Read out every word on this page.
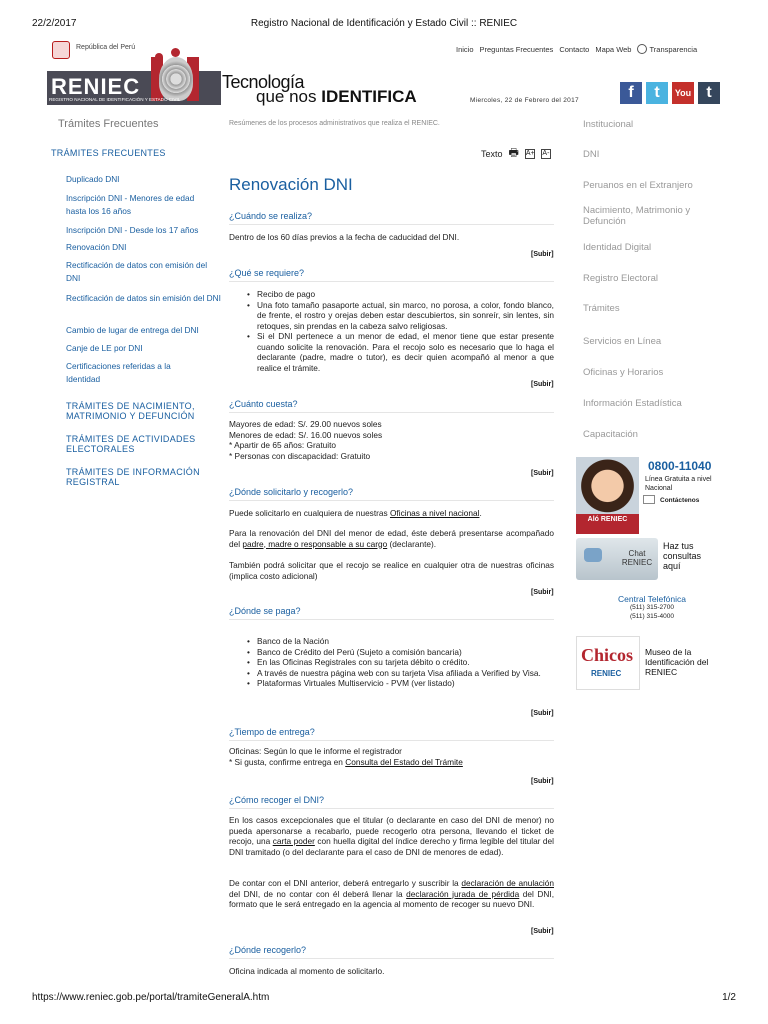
22/2/2017	Registro Nacional de Identificación y Estado Civil :: RENIEC
https://www.reniec.gob.pe/portal/tramiteGeneralA.htm	1/2
República del Perú
RENIEC
REGISTRO NACIONAL DE IDENTIFICACIÓN Y ESTADO CIVIL
Tecnología
que nos IDENTIFICA
Inicio Preguntas Frecuentes Contacto Mapa Web Transparencia
Miercoles, 22 de Febrero del 2017	f	t	You Tube
t
Trámites Frecuentes
TRÁMITES FRECUENTES
Duplicado DNI
Inscripción DNI - Menores de edad hasta los 16 años
Inscripción DNI - Desde los 17 años
Renovación DNI
Rectificación de datos con emisión del DNI
Rectificación de datos sin emisión del DNI
Cambio de lugar de entrega del DNI
Canje de LE por DNI
Certificaciones referidas a la Identidad
TRÁMITES DE NACIMIENTO, MATRIMONIO Y DEFUNCIÓN
TRÁMITES DE ACTIVIDADES ELECTORALES
TRÁMITES DE INFORMACIÓN REGISTRAL
Resúmenes de los procesos administrativos que realiza el RENIEC.
Texto 🖶 A+ A-
Renovación DNI
¿Cuándo se realiza?
Dentro de los 60 días previos a la fecha de caducidad del DNI.
[Subir]
¿Qué se requiere?
• Recibo de pago
• Una foto tamaño pasaporte actual, sin marco, no porosa, a color, fondo blanco, de frente, el rostro y orejas deben estar descubiertos, sin sonreír, sin lentes, sin retoques, sin prendas en la cabeza salvo religiosas.
• Si el DNI pertenece a un menor de edad, el menor tiene que estar presente cuando solicite la renovación. Para el recojo solo es necesario que lo haga el declarante (padre, madre o tutor), es decir quien acompañó al menor a que realice el trámite.
[Subir]
¿Cuánto cuesta?
Mayores de edad: S/. 29.00 nuevos soles
Menores de edad: S/. 16.00 nuevos soles
* Apartir de 65 años: Gratuito
* Personas con discapacidad: Gratuito
[Subir]
¿Dónde solicitarlo y recogerlo?
Puede solicitarlo en cualquiera de nuestras Oficinas a nivel nacional.
Para la renovación del DNI del menor de edad, éste deberá presentarse acompañado del padre, madre o responsable a su cargo (declarante).
También podrá solicitar que el recojo se realice en cualquier otra de nuestras oficinas (implica costo adicional)
[Subir]
¿Dónde se paga?
• Banco de la Nación
• Banco de Crédito del Perú (Sujeto a comisión bancaria)
• En las Oficinas Registrales con su tarjeta débito o crédito.
• A través de nuestra página web con su tarjeta Visa afiliada a Verified by Visa.
• Plataformas Virtuales Multiservicio - PVM (ver listado)
[Subir]
¿Tiempo de entrega?
Oficinas: Según lo que le informe el registrador
* Si gusta, confirme entrega en Consulta del Estado del Trámite
[Subir]
¿Cómo recoger el DNI?
En los casos excepcionales que el titular (o declarante en caso del DNI de menor) no pueda apersonarse a recabarlo, puede recogerlo otra persona, llevando el ticket de recojo, una carta poder con huella digital del índice derecho y firma legible del titular del DNI tramitado (o del declarante para el caso de DNI de menores de edad).
De contar con el DNI anterior, deberá entregarlo y suscribir la declaración de anulación del DNI, de no contar con él deberá llenar la declaración jurada de pérdida del DNI, formato que le será entregado en la agencia al momento de recoger su nuevo DNI.
[Subir]
¿Dónde recogerlo?
Oficina indicada al momento de solicitarlo.
Institucional
DNI
Peruanos en el Extranjero
Nacimiento, Matrimonio y Defunción
Identidad Digital
Registro Electoral
Trámites
Servicios en Línea
Oficinas y Horarios
Información Estadística
Capacitación
Aló RENIEC
0800-11040
Línea Gratuita a nivel Nacional
Contáctenos
Chat RENIEC
Haz tus consultas aquí
Central Telefónica
(511) 315-2700
(511) 315-4000
Chicos
RENIEC
Museo de la Identificación del RENIEC
